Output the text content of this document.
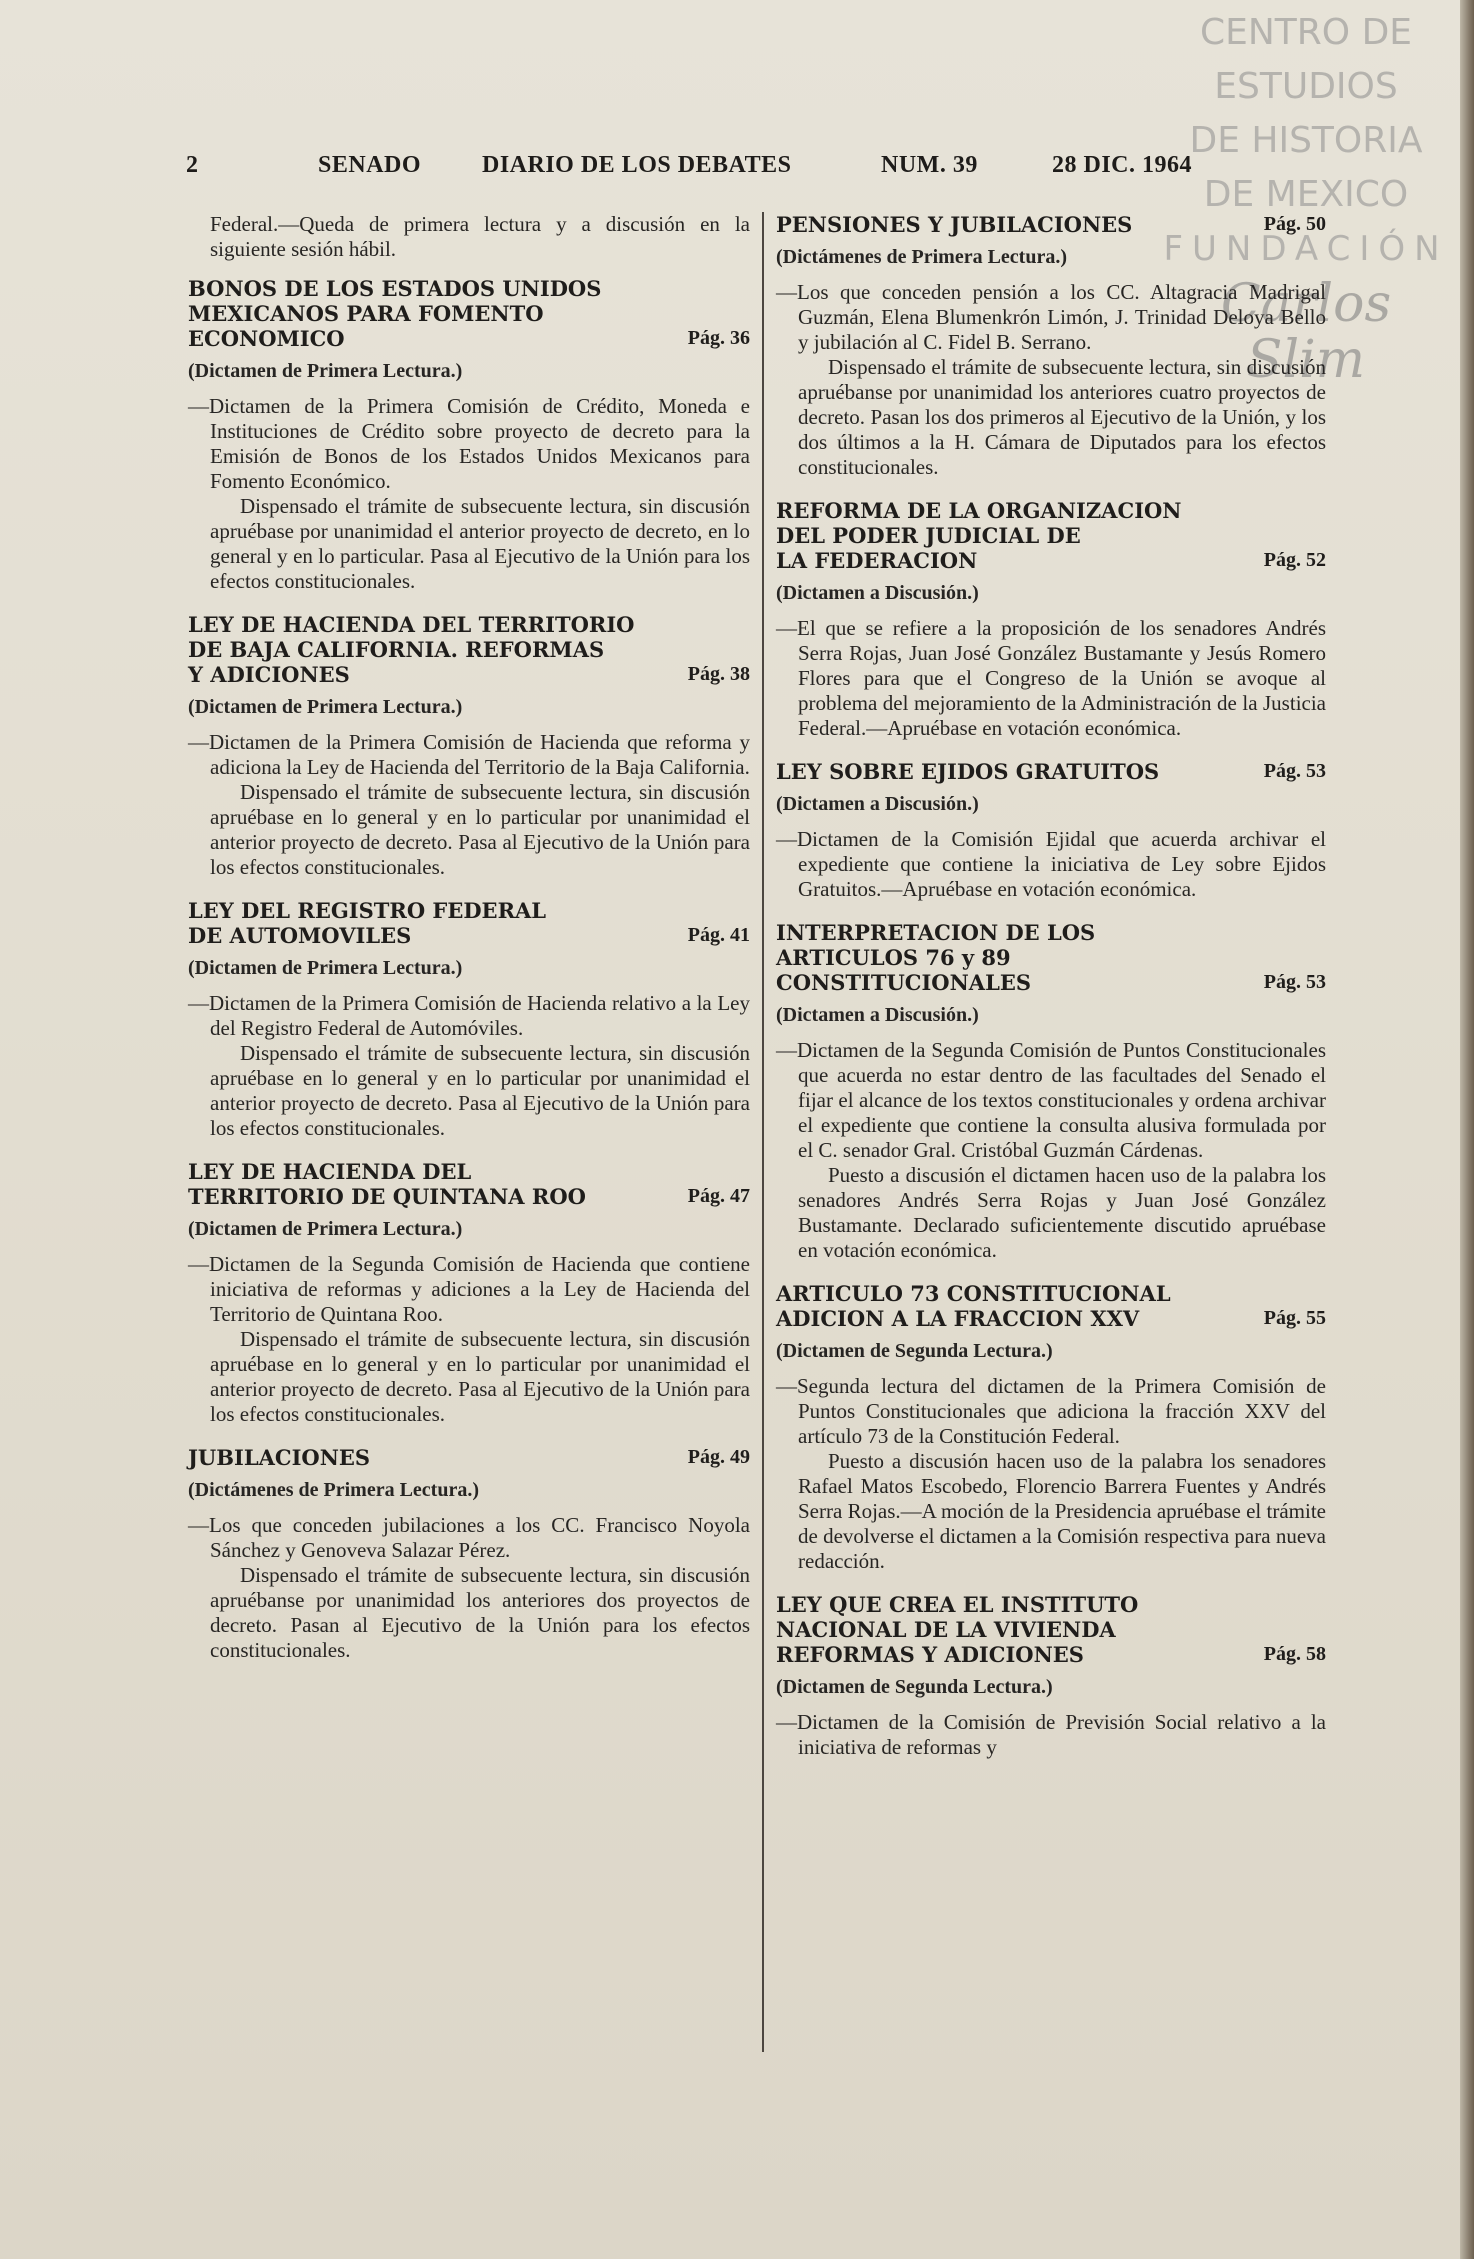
CENTRO DE
ESTUDIOS
DE HISTORIA
DE MEXICO
FUNDACIÓN
Carlos Slim
2	SENADO	DIARIO DE LOS DEBATES	NUM. 39	28 DIC. 1964

Federal.—Queda de primera lectura y a discusión en la siguiente sesión hábil.

BONOS DE LOS ESTADOS UNIDOS
MEXICANOS PARA FOMENTO
ECONOMICO	Pág. 36
(Dictamen de Primera Lectura.)

—Dictamen de la Primera Comisión de Crédito, Moneda e Instituciones de Crédito sobre proyecto de decreto para la Emisión de Bonos de los Estados Unidos Mexicanos para Fomento Económico.

Dispensado el trámite de subsecuente lectura, sin discusión apruébase por unanimidad el anterior proyecto de decreto, en lo general y en lo particular. Pasa al Ejecutivo de la Unión para los efectos constitucionales.

LEY DE HACIENDA DEL TERRITORIO
DE BAJA CALIFORNIA. REFORMAS
Y ADICIONES	Pág. 38
(Dictamen de Primera Lectura.)

—Dictamen de la Primera Comisión de Hacienda que reforma y adiciona la Ley de Hacienda del Territorio de la Baja California.

Dispensado el trámite de subsecuente lectura, sin discusión apruébase en lo general y en lo particular por unanimidad el anterior proyecto de decreto. Pasa al Ejecutivo de la Unión para los efectos constitucionales.

LEY DEL REGISTRO FEDERAL
DE AUTOMOVILES	Pág. 41
(Dictamen de Primera Lectura.)

—Dictamen de la Primera Comisión de Hacienda relativo a la Ley del Registro Federal de Automóviles.

Dispensado el trámite de subsecuente lectura, sin discusión apruébase en lo general y en lo particular por unanimidad el anterior proyecto de decreto. Pasa al Ejecutivo de la Unión para los efectos constitucionales.

LEY DE HACIENDA DEL
TERRITORIO DE QUINTANA ROO	Pág. 47
(Dictamen de Primera Lectura.)

—Dictamen de la Segunda Comisión de Hacienda que contiene iniciativa de reformas y adiciones a la Ley de Hacienda del Territorio de Quintana Roo.

Dispensado el trámite de subsecuente lectura, sin discusión apruébase en lo general y en lo particular por unanimidad el anterior proyecto de decreto. Pasa al Ejecutivo de la Unión para los efectos constitucionales.

JUBILACIONES	Pág. 49
(Dictámenes de Primera Lectura.)

—Los que conceden jubilaciones a los CC. Francisco Noyola Sánchez y Genoveva Salazar Pérez.

Dispensado el trámite de subsecuente lectura, sin discusión apruébanse por unanimidad los anteriores dos proyectos de decreto. Pasan al Ejecutivo de la Unión para los efectos constitucionales.

PENSIONES Y JUBILACIONES	Pág. 50
(Dictámenes de Primera Lectura.)

—Los que conceden pensión a los CC. Altagracia Madrigal Guzmán, Elena Blumenkrón Limón, J. Trinidad Deloya Bello y jubilación al C. Fidel B. Serrano.

Dispensado el trámite de subsecuente lectura, sin discusión apruébanse por unanimidad los anteriores cuatro proyectos de decreto. Pasan los dos primeros al Ejecutivo de la Unión, y los dos últimos a la H. Cámara de Diputados para los efectos constitucionales.

REFORMA DE LA ORGANIZACION
DEL PODER JUDICIAL DE
LA FEDERACION	Pág. 52
(Dictamen a Discusión.)

—El que se refiere a la proposición de los senadores Andrés Serra Rojas, Juan José González Bustamante y Jesús Romero Flores para que el Congreso de la Unión se avoque al problema del mejoramiento de la Administración de la Justicia Federal.—Apruébase en votación económica.

LEY SOBRE EJIDOS GRATUITOS	Pág. 53
(Dictamen a Discusión.)

—Dictamen de la Comisión Ejidal que acuerda archivar el expediente que contiene la iniciativa de Ley sobre Ejidos Gratuitos.—Apruébase en votación económica.

INTERPRETACION DE LOS
ARTICULOS 76 y 89
CONSTITUCIONALES	Pág. 53
(Dictamen a Discusión.)

—Dictamen de la Segunda Comisión de Puntos Constitucionales que acuerda no estar dentro de las facultades del Senado el fijar el alcance de los textos constitucionales y ordena archivar el expediente que contiene la consulta alusiva formulada por el C. senador Gral. Cristóbal Guzmán Cárdenas.

Puesto a discusión el dictamen hacen uso de la palabra los senadores Andrés Serra Rojas y Juan José González Bustamante. Declarado suficientemente discutido apruébase en votación económica.

ARTICULO 73 CONSTITUCIONAL
ADICION A LA FRACCION XXV	Pág. 55
(Dictamen de Segunda Lectura.)

—Segunda lectura del dictamen de la Primera Comisión de Puntos Constitucionales que adiciona la fracción XXV del artículo 73 de la Constitución Federal.

Puesto a discusión hacen uso de la palabra los senadores Rafael Matos Escobedo, Florencio Barrera Fuentes y Andrés Serra Rojas.—A moción de la Presidencia apruébase el trámite de devolverse el dictamen a la Comisión respectiva para nueva redacción.

LEY QUE CREA EL INSTITUTO
NACIONAL DE LA VIVIENDA
REFORMAS Y ADICIONES	Pág. 58
(Dictamen de Segunda Lectura.)

—Dictamen de la Comisión de Previsión Social relativo a la iniciativa de reformas y
